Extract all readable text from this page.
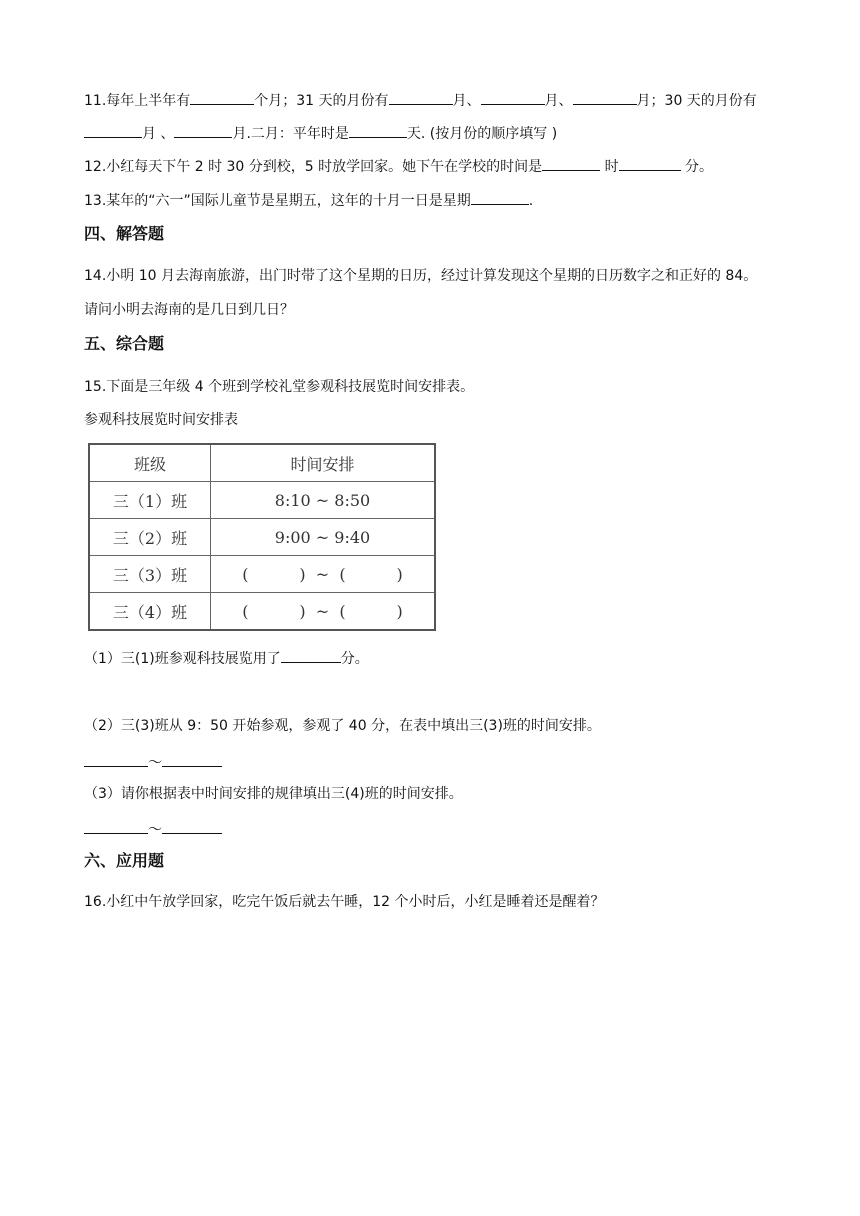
11.每年上半年有	个月；31 天的月份有	月、	月、	月；30 天的月份有
月 、	月.二月：平年时是	天. (按月份的顺序填写 )
12.小红每天下午 2 时 30 分到校，5 时放学回家。她下午在学校的时间是	时	分。
13.某年的“六一”国际儿童节是星期五，这年的十月一日是星期	.
四、解答题
14.小明 10 月去海南旅游，出门时带了这个星期的日历，经过计算发现这个星期的日历数字之和正好的 84。
请问小明去海南的是几日到几日？
五、综合题
15.下面是三年级 4 个班到学校礼堂参观科技展览时间安排表。
参观科技展览时间安排表
班级	时间安排
三（1）班	8:10 ~ 8:50
三（2）班	9:00 ~ 9:40
三（3）班	(          )  ~  (          )
三（4）班	(          )  ~  (          )
（1）三(1)班参观科技展览用了	分。
（2）三(3)班从 9：50 开始参观，参观了 40 分，在表中填出三(3)班的时间安排。
～
（3）请你根据表中时间安排的规律填出三(4)班的时间安排。
～
六、应用题
16.小红中午放学回家，吃完午饭后就去午睡，12 个小时后，小红是睡着还是醒着？
